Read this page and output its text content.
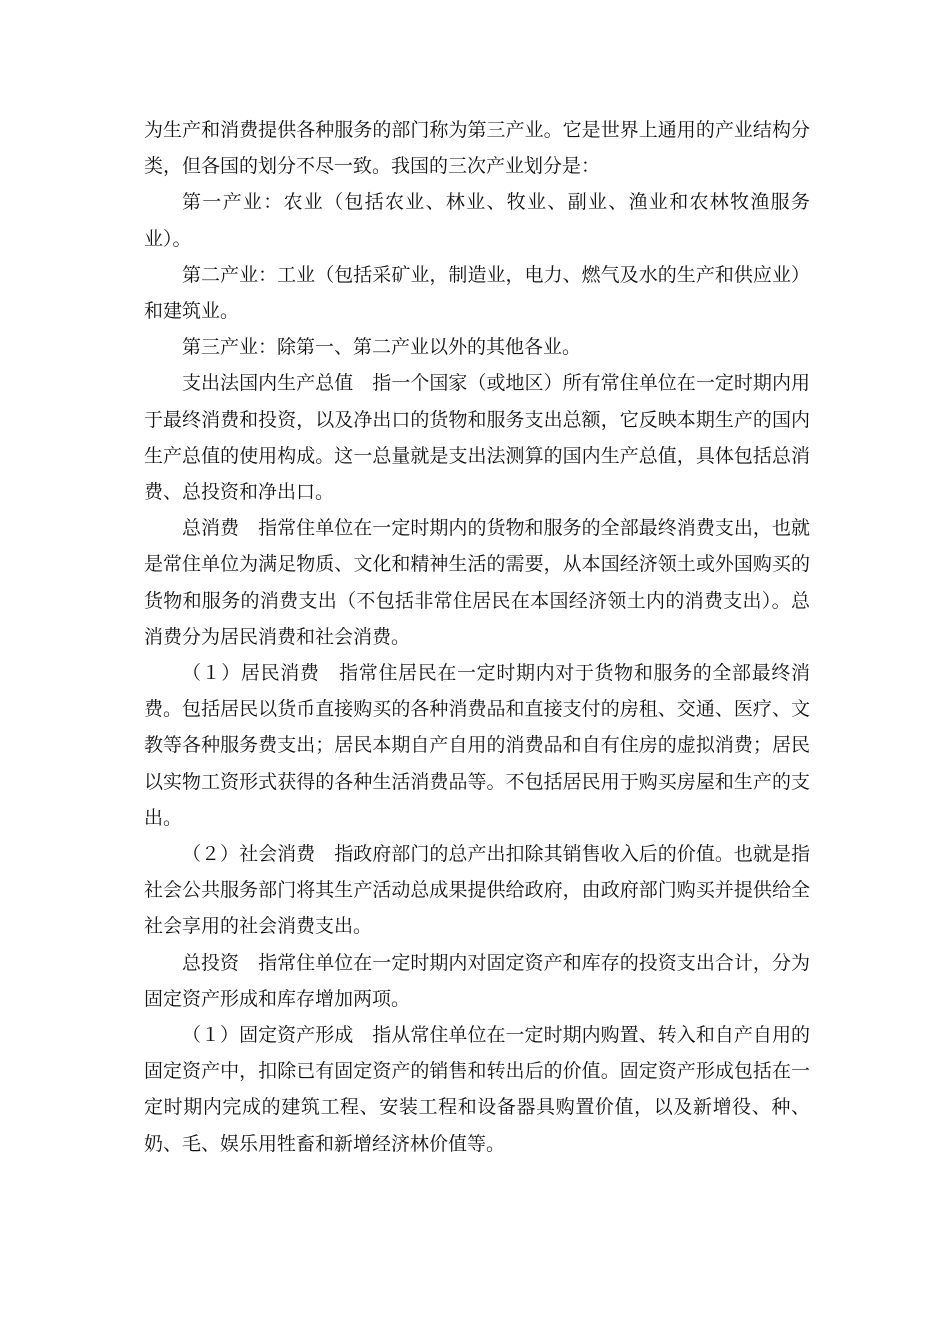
为生产和消费提供各种服务的部门称为第三产业。它是世界上通用的产业结构分类，但各国的划分不尽一致。我国的三次产业划分是：

第一产业：农业（包括农业、林业、牧业、副业、渔业和农林牧渔服务业）。

第二产业：工业（包括采矿业，制造业，电力、燃气及水的生产和供应业）和建筑业。

第三产业：除第一、第二产业以外的其他各业。

支出法国内生产总值　指一个国家（或地区）所有常住单位在一定时期内用于最终消费和投资，以及净出口的货物和服务支出总额，它反映本期生产的国内生产总值的使用构成。这一总量就是支出法测算的国内生产总值，具体包括总消费、总投资和净出口。

总消费　指常住单位在一定时期内的货物和服务的全部最终消费支出，也就是常住单位为满足物质、文化和精神生活的需要，从本国经济领土或外国购买的货物和服务的消费支出（不包括非常住居民在本国经济领土内的消费支出）。总消费分为居民消费和社会消费。

（１）居民消费　指常住居民在一定时期内对于货物和服务的全部最终消费。包括居民以货币直接购买的各种消费品和直接支付的房租、交通、医疗、文教等各种服务费支出；居民本期自产自用的消费品和自有住房的虚拟消费；居民以实物工资形式获得的各种生活消费品等。不包括居民用于购买房屋和生产的支出。

（２）社会消费　指政府部门的总产出扣除其销售收入后的价值。也就是指社会公共服务部门将其生产活动总成果提供给政府，由政府部门购买并提供给全社会享用的社会消费支出。

总投资　指常住单位在一定时期内对固定资产和库存的投资支出合计，分为固定资产形成和库存增加两项。

（１）固定资产形成　指从常住单位在一定时期内购置、转入和自产自用的固定资产中，扣除已有固定资产的销售和转出后的价值。固定资产形成包括在一定时期内完成的建筑工程、安装工程和设备器具购置价值，以及新增役、种、奶、毛、娱乐用牲畜和新增经济林价值等。
